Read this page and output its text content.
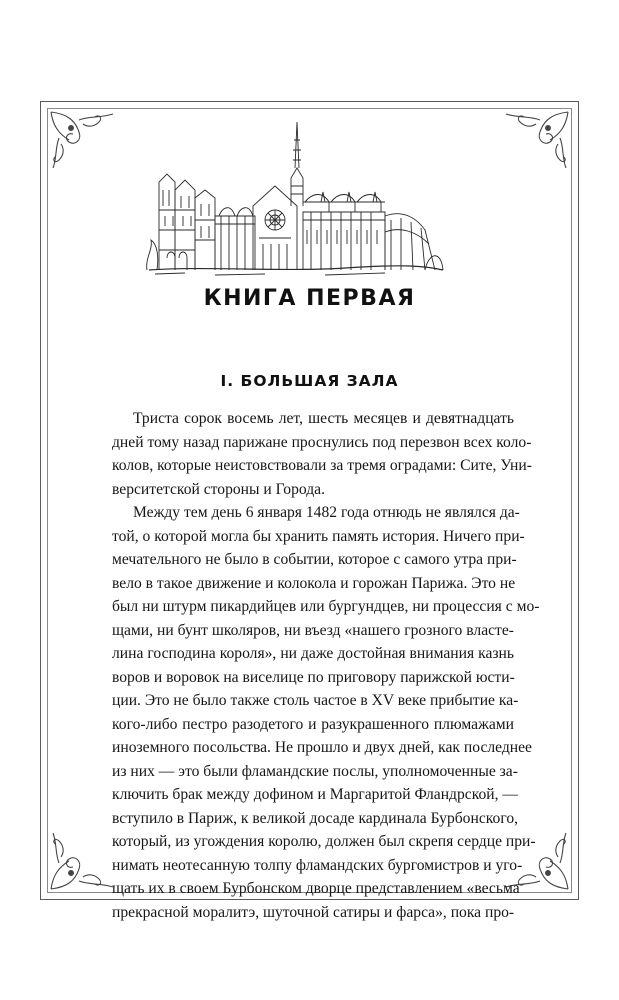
КНИГА ПЕРВАЯ
I. БОЛЬШАЯ ЗАЛА
Триста сорок восемь лет, шесть месяцев и девятнадцать
дней тому назад парижане проснулись под перезвон всех коло-
колов, которые неистовствовали за тремя оградами: Сите, Уни-
верситетской стороны и Города.
Между тем день 6 января 1482 года отнюдь не являлся да-
той, о которой могла бы хранить память история. Ничего при-
мечательного не было в событии, которое с самого утра при-
вело в такое движение и колокола и горожан Парижа. Это не
был ни штурм пикардийцев или бургундцев, ни процессия с мо-
щами, ни бунт школяров, ни въезд «нашего грозного власте-
лина господина короля», ни даже достойная внимания казнь
воров и воровок на виселице по приговору парижской юсти-
ции. Это не было также столь частое в XV веке прибытие ка-
кого-либо пестро разодетого и разукрашенного плюмажами
иноземного посольства. Не прошло и двух дней, как последнее
из них — это были фламандские послы, уполномоченные за-
ключить брак между дофином и Маргаритой Фландрской, —
вступило в Париж, к великой досаде кардинала Бурбонского,
который, из угождения королю, должен был скрепя сердце при-
нимать неотесанную толпу фламандских бургомистров и уго-
щать их в своем Бурбонском дворце представлением «весьма
прекрасной моралитэ, шуточной сатиры и фарса», пока про-
